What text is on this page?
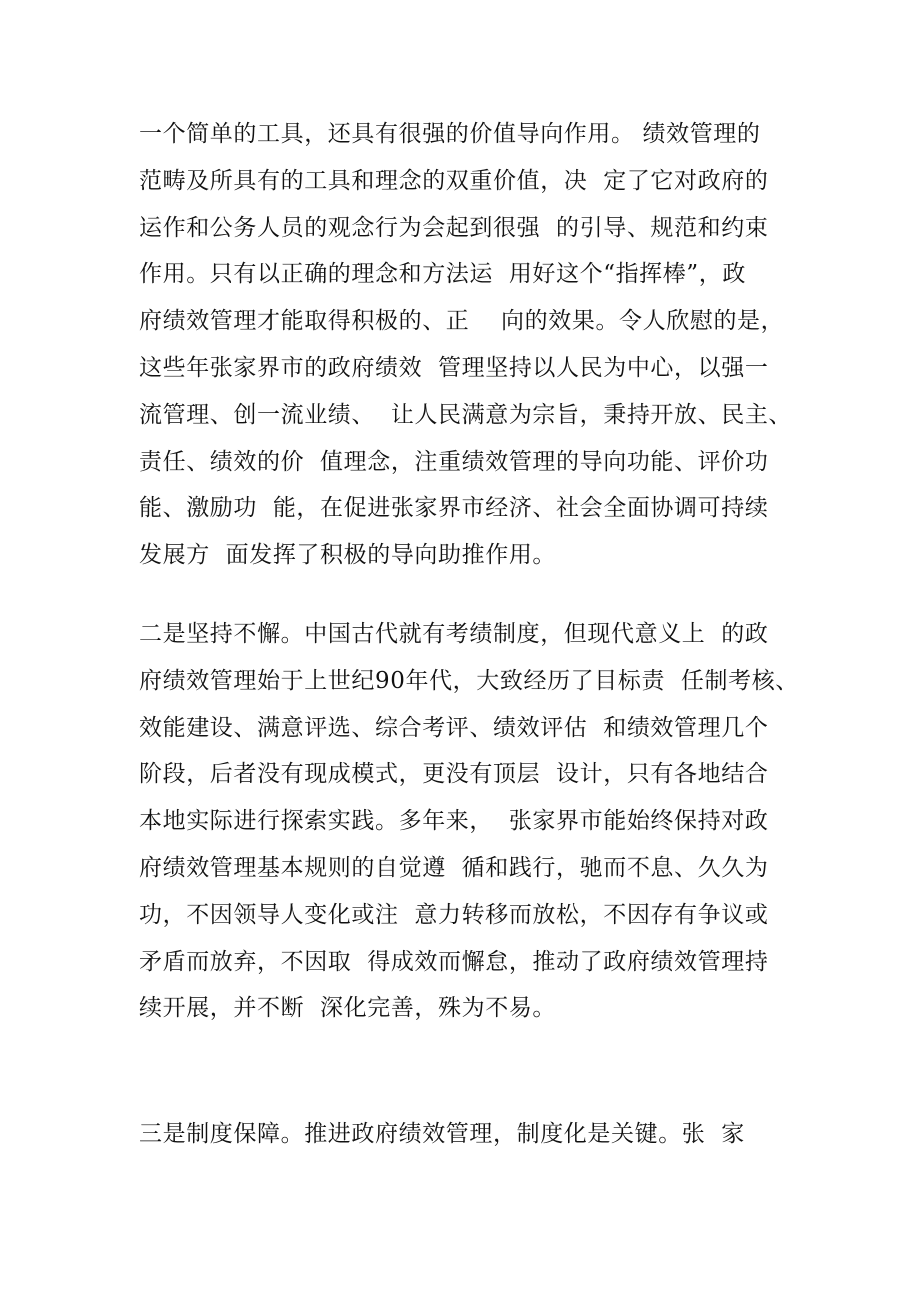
一个简单的工具，还具有很强的价值导向作用。 绩效管理的
范畴及所具有的工具和理念的双重价值，决  定了它对政府的
运作和公务人员的观念行为会起到很强  的引导、规范和约束
作用。只有以正确的理念和方法运  用好这个“指挥棒”，政
府绩效管理才能取得积极的、正    向的效果。令人欣慰的是，
这些年张家界市的政府绩效  管理坚持以人民为中心，以强一
流管理、创一流业绩、  让人民满意为宗旨，秉持开放、民主、
责任、绩效的价  值理念，注重绩效管理的导向功能、评价功
能、激励功  能，在促进张家界市经济、社会全面协调可持续
发展方  面发挥了积极的导向助推作用。
二是坚持不懈。中国古代就有考绩制度，但现代意义上  的政
府绩效管理始于上世纪90年代，大致经历了目标责  任制考核、
效能建设、满意评选、综合考评、绩效评估  和绩效管理几个
阶段，后者没有现成模式，更没有顶层  设计，只有各地结合
本地实际进行探索实践。多年来，  张家界市能始终保持对政
府绩效管理基本规则的自觉遵  循和践行，驰而不息、久久为
功，不因领导人变化或注  意力转移而放松，不因存有争议或
矛盾而放弃，不因取  得成效而懈怠，推动了政府绩效管理持
续开展，并不断  深化完善，殊为不易。
三是制度保障。推进政府绩效管理，制度化是关键。张  家
